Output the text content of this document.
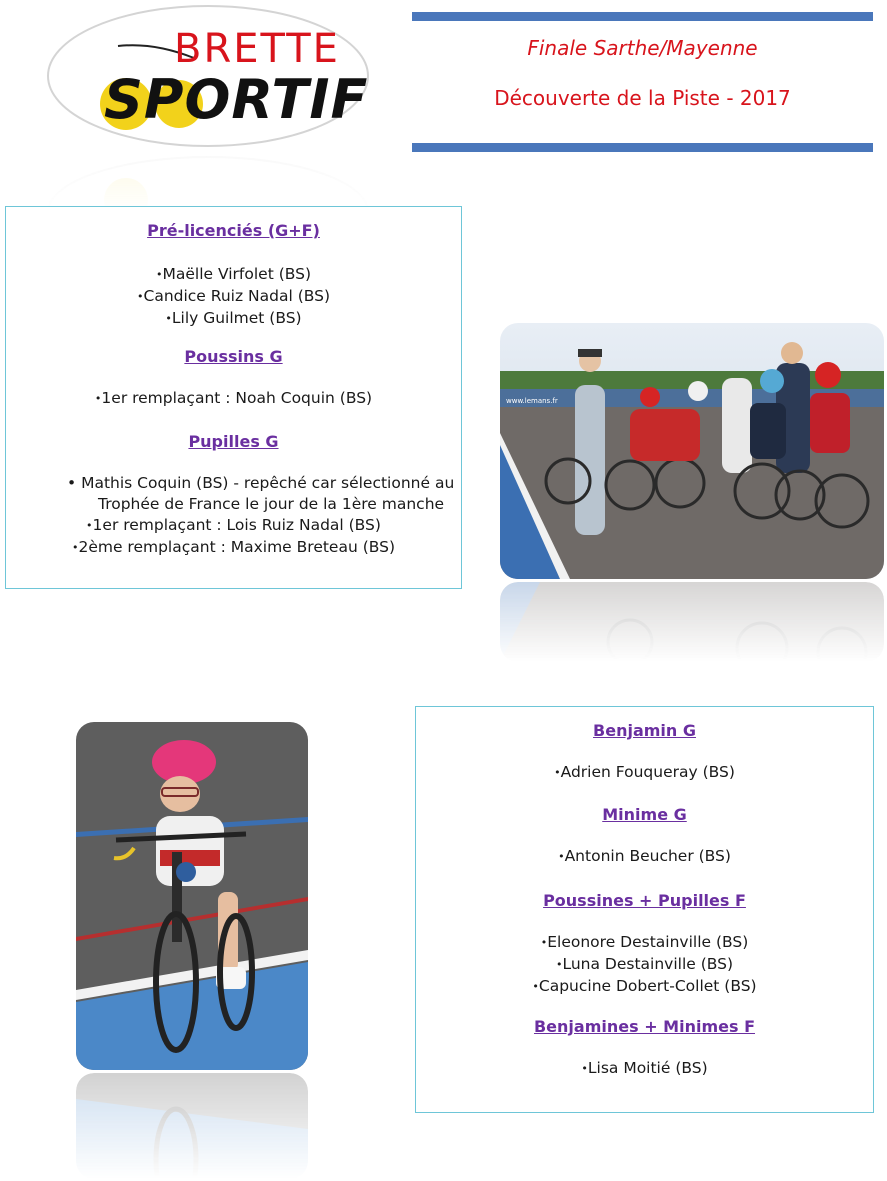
BRETTE
SPORTIF
Finale Sarthe/Mayenne
Découverte de la Piste - 2017
Pré-licenciés (G+F)
• Maëlle Virfolet (BS)
• Candice Ruiz Nadal (BS)
• Lily Guilmet (BS)
Poussins G
• 1er remplaçant : Noah Coquin (BS)
Pupilles G
• Mathis Coquin (BS) - repêché car sélectionné au
Trophée de France le jour de la 1ère manche
• 1er remplaçant : Lois Ruiz Nadal (BS)
• 2ème remplaçant : Maxime Breteau (BS)
www.lemans.fr
Benjamin G
• Adrien Fouqueray (BS)
Minime G
• Antonin Beucher (BS)
Poussines + Pupilles F
• Eleonore Destainville (BS)
• Luna Destainville (BS)
• Capucine Dobert-Collet (BS)
Benjamines + Minimes F
• Lisa Moitié (BS)
